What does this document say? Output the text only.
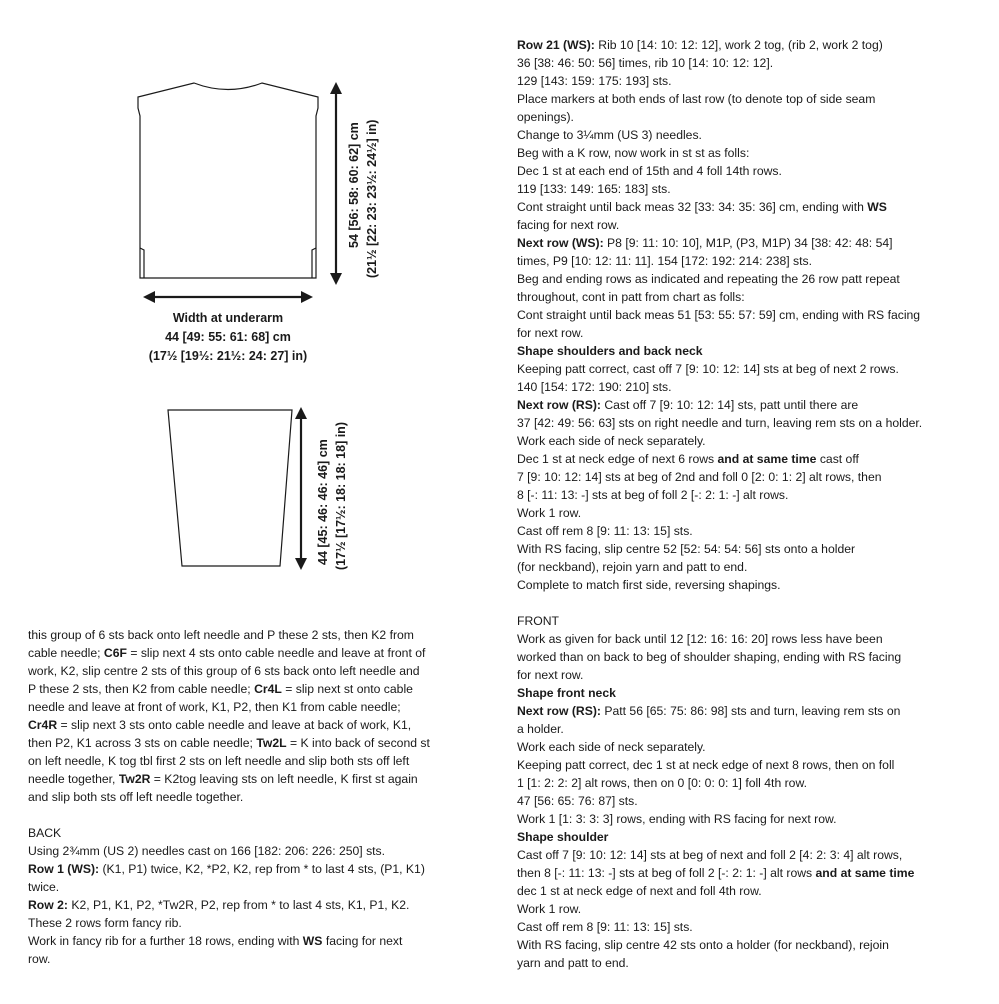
54 [56: 58: 60: 62] cm (21½ [22: 23: 23½: 24½] in)
Width at underarm
44 [49: 55: 61: 68] cm
(17½ [19½: 21½: 24: 27] in)
44 [45: 46: 46: 46] cm (17½ [17½: 18: 18: 18] in)

this group of 6 sts back onto left needle and P these 2 sts, then K2 from

cable needle; C6F = slip next 4 sts onto cable needle and leave at front of

work, K2, slip centre 2 sts of this group of 6 sts back onto left needle and

P these 2 sts, then K2 from cable needle; Cr4L = slip next st onto cable

needle and leave at front of work, K1, P2, then K1 from cable needle;

Cr4R = slip next 3 sts onto cable needle and leave at back of work, K1,

then P2, K1 across 3 sts on cable needle; Tw2L = K into back of second st

on left needle, K tog tbl first 2 sts on left needle and slip both sts off left

needle together, Tw2R = K2tog leaving sts on left needle, K first st again

and slip both sts off left needle together.

BACK

Using 2¾mm (US 2) needles cast on 166 [182: 206: 226: 250] sts.

Row 1 (WS): (K1, P1) twice, K2, *P2, K2, rep from * to last 4 sts, (P1, K1)

twice.

Row 2: K2, P1, K1, P2, *Tw2R, P2, rep from * to last 4 sts, K1, P1, K2.

These 2 rows form fancy rib.

Work in fancy rib for a further 18 rows, ending with WS facing for next

row.

Row 21 (WS): Rib 10 [14: 10: 12: 12], work 2 tog, (rib 2, work 2 tog)

36 [38: 46: 50: 56] times, rib 10 [14: 10: 12: 12].

129 [143: 159: 175: 193] sts.

Place markers at both ends of last row (to denote top of side seam

openings).

Change to 3¼mm (US 3) needles.

Beg with a K row, now work in st st as folls:

Dec 1 st at each end of 15th and 4 foll 14th rows.

119 [133: 149: 165: 183] sts.

Cont straight until back meas 32 [33: 34: 35: 36] cm, ending with WS

facing for next row.

Next row (WS): P8 [9: 11: 10: 10], M1P, (P3, M1P) 34 [38: 42: 48: 54]

times, P9 [10: 12: 11: 11]. 154 [172: 192: 214: 238] sts.

Beg and ending rows as indicated and repeating the 26 row patt repeat

throughout, cont in patt from chart as folls:

Cont straight until back meas 51 [53: 55: 57: 59] cm, ending with RS facing

for next row.

Shape shoulders and back neck

Keeping patt correct, cast off 7 [9: 10: 12: 14] sts at beg of next 2 rows.

140 [154: 172: 190: 210] sts.

Next row (RS): Cast off 7 [9: 10: 12: 14] sts, patt until there are

37 [42: 49: 56: 63] sts on right needle and turn, leaving rem sts on a holder.

Work each side of neck separately.

Dec 1 st at neck edge of next 6 rows and at same time cast off

7 [9: 10: 12: 14] sts at beg of 2nd and foll 0 [2: 0: 1: 2] alt rows, then

8 [-: 11: 13: -] sts at beg of foll 2 [-: 2: 1: -] alt rows.

Work 1 row.

Cast off rem 8 [9: 11: 13: 15] sts.

With RS facing, slip centre 52 [52: 54: 54: 56] sts onto a holder

(for neckband), rejoin yarn and patt to end.

Complete to match first side, reversing shapings.

FRONT

Work as given for back until 12 [12: 16: 16: 20] rows less have been

worked than on back to beg of shoulder shaping, ending with RS facing

for next row.

Shape front neck

Next row (RS): Patt 56 [65: 75: 86: 98] sts and turn, leaving rem sts on

a holder.

Work each side of neck separately.

Keeping patt correct, dec 1 st at neck edge of next 8 rows, then on foll

1 [1: 2: 2: 2] alt rows, then on 0 [0: 0: 0: 1] foll 4th row.

47 [56: 65: 76: 87] sts.

Work 1 [1: 3: 3: 3] rows, ending with RS facing for next row.

Shape shoulder

Cast off 7 [9: 10: 12: 14] sts at beg of next and foll 2 [4: 2: 3: 4] alt rows,

then 8 [-: 11: 13: -] sts at beg of foll 2 [-: 2: 1: -] alt rows and at same time

dec 1 st at neck edge of next and foll 4th row.

Work 1 row.

Cast off rem 8 [9: 11: 13: 15] sts.

With RS facing, slip centre 42 sts onto a holder (for neckband), rejoin

yarn and patt to end.
